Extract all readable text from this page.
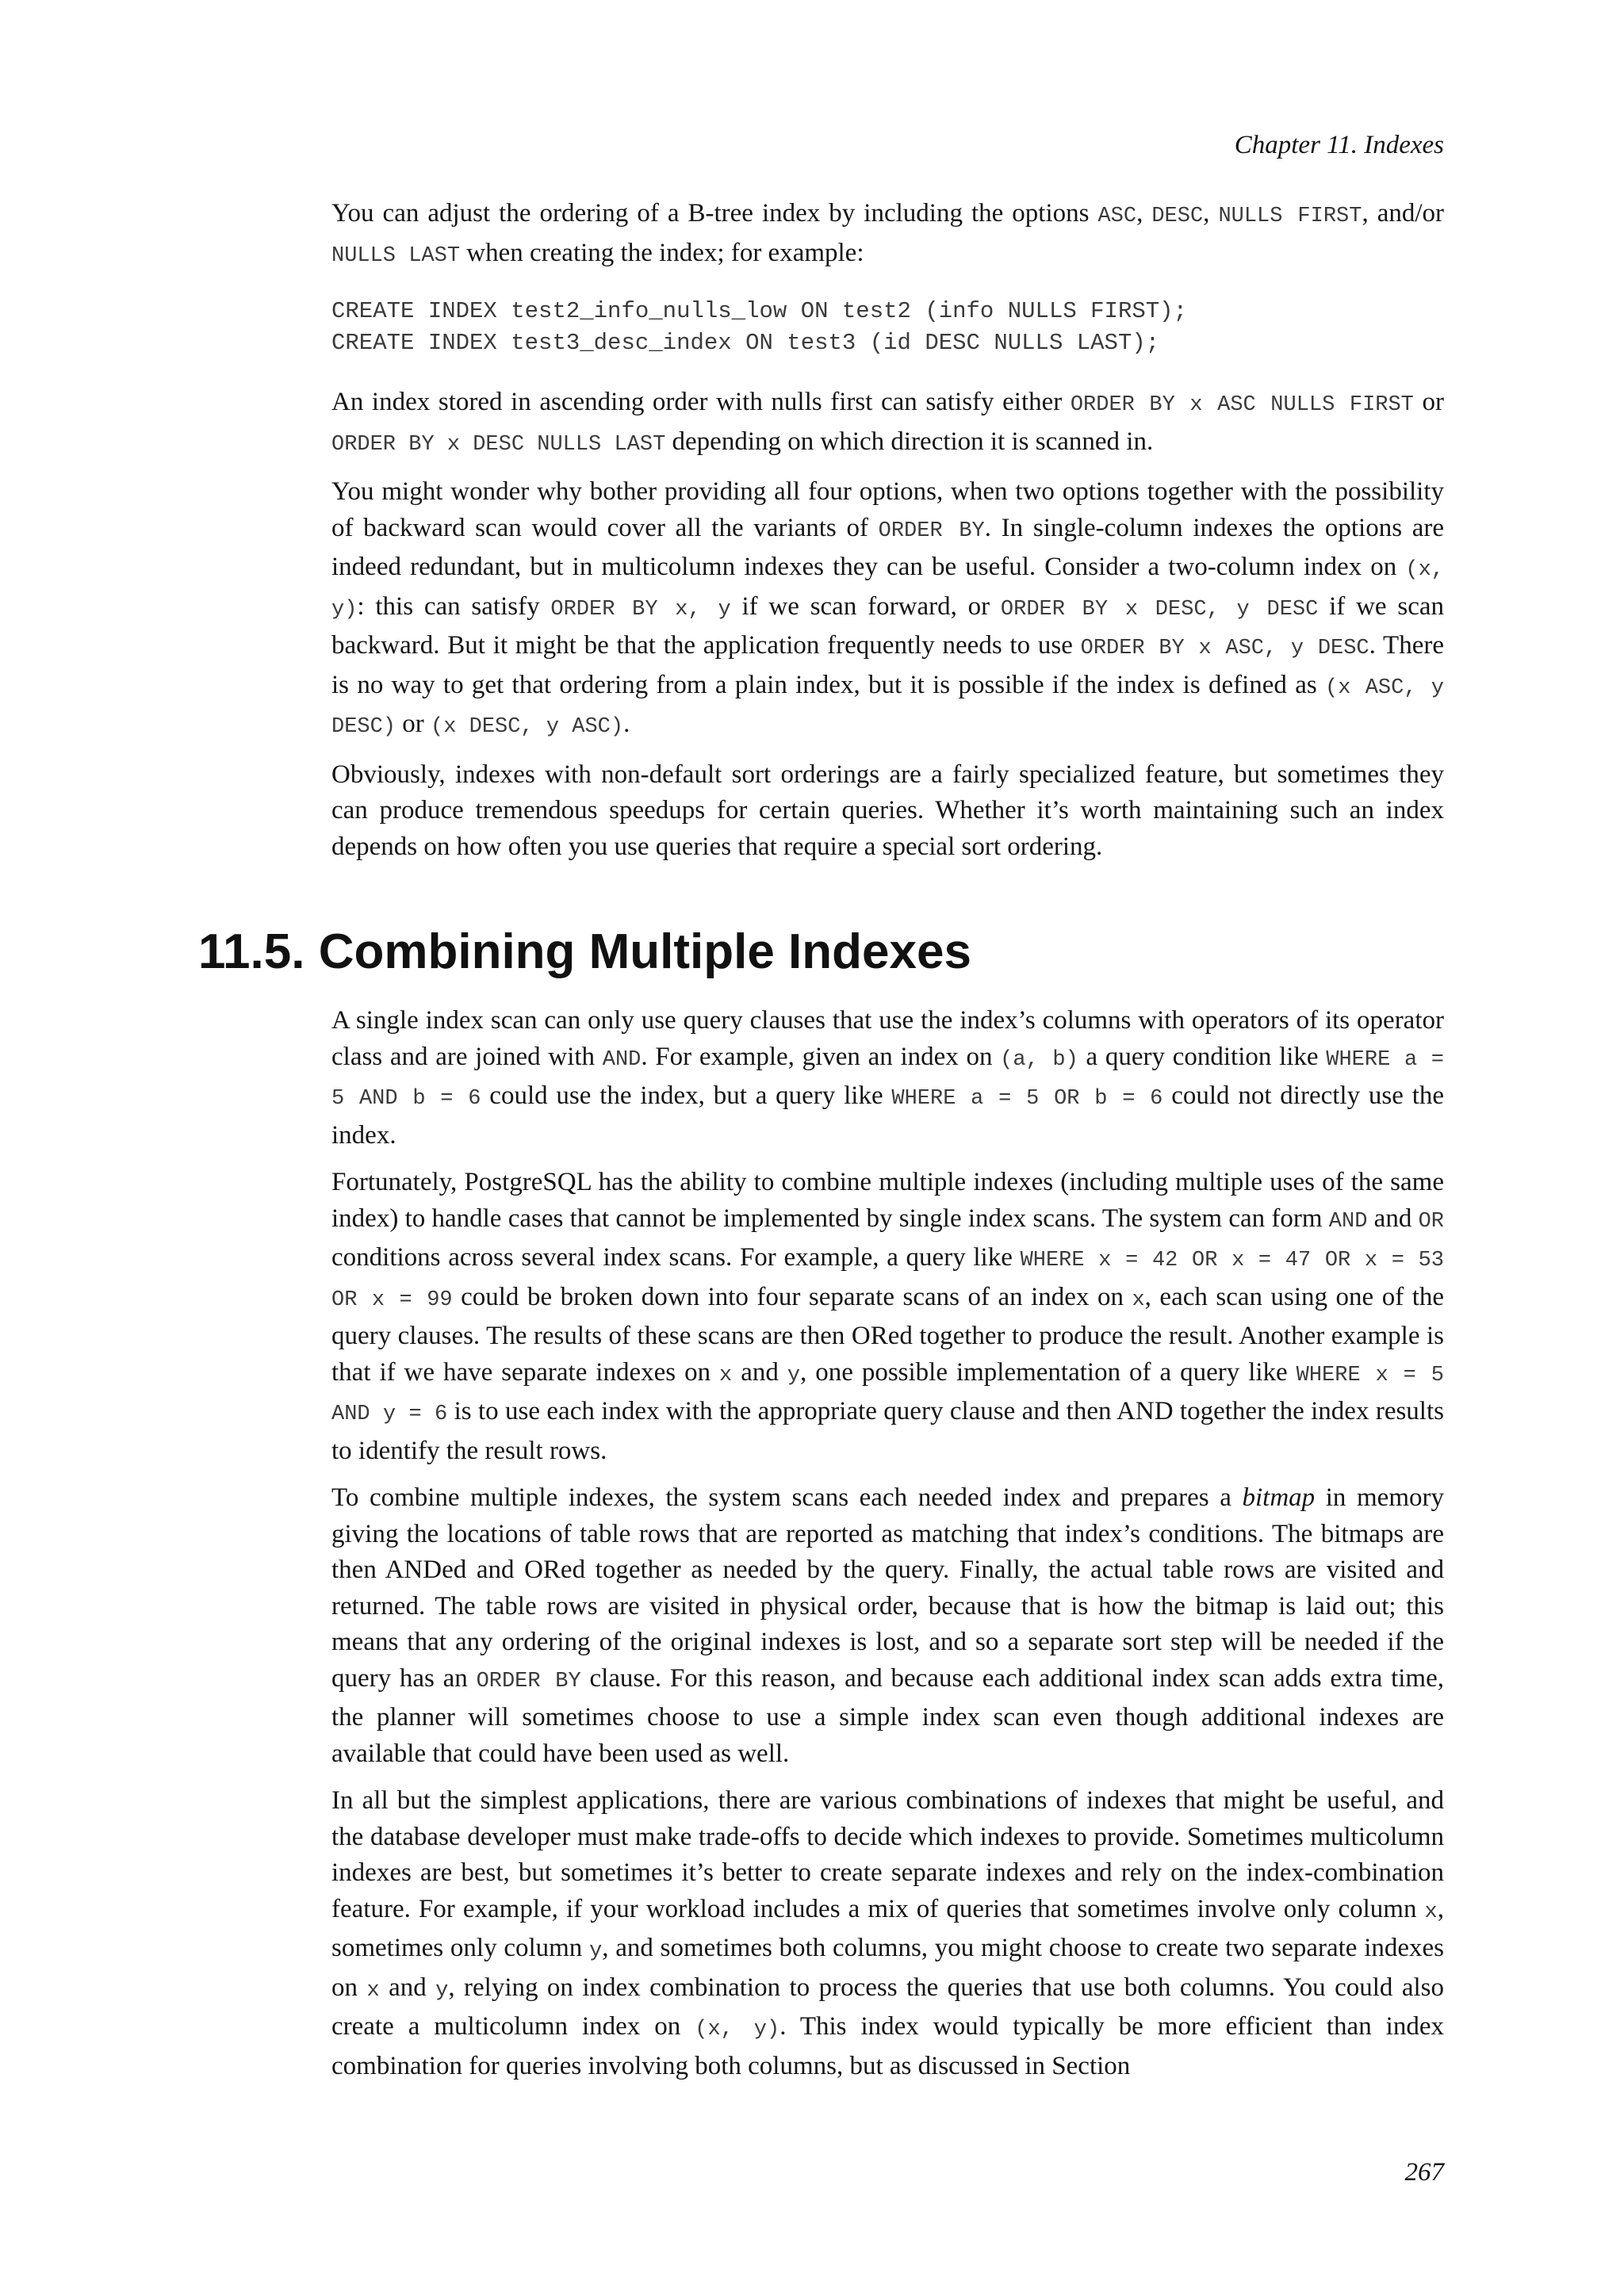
Chapter 11. Indexes

You can adjust the ordering of a B-tree index by including the options ASC, DESC, NULLS FIRST, and/or NULLS LAST when creating the index; for example:

CREATE INDEX test2_info_nulls_low ON test2 (info NULLS FIRST);
CREATE INDEX test3_desc_index ON test3 (id DESC NULLS LAST);

An index stored in ascending order with nulls first can satisfy either ORDER BY x ASC NULLS FIRST or ORDER BY x DESC NULLS LAST depending on which direction it is scanned in.

You might wonder why bother providing all four options, when two options together with the possibility of backward scan would cover all the variants of ORDER BY. In single-column indexes the options are indeed redundant, but in multicolumn indexes they can be useful. Consider a two-column index on (x, y): this can satisfy ORDER BY x, y if we scan forward, or ORDER BY x DESC, y DESC if we scan backward. But it might be that the application frequently needs to use ORDER BY x ASC, y DESC. There is no way to get that ordering from a plain index, but it is possible if the index is defined as (x ASC, y DESC) or (x DESC, y ASC).

Obviously, indexes with non-default sort orderings are a fairly specialized feature, but sometimes they can produce tremendous speedups for certain queries. Whether it’s worth maintaining such an index depends on how often you use queries that require a special sort ordering.

11.5. Combining Multiple Indexes

A single index scan can only use query clauses that use the index’s columns with operators of its operator class and are joined with AND. For example, given an index on (a, b) a query condition like WHERE a = 5 AND b = 6 could use the index, but a query like WHERE a = 5 OR b = 6 could not directly use the index.

Fortunately, PostgreSQL has the ability to combine multiple indexes (including multiple uses of the same index) to handle cases that cannot be implemented by single index scans. The system can form AND and OR conditions across several index scans. For example, a query like WHERE x = 42 OR x = 47 OR x = 53 OR x = 99 could be broken down into four separate scans of an index on x, each scan using one of the query clauses. The results of these scans are then ORed together to produce the result. Another example is that if we have separate indexes on x and y, one possible implementation of a query like WHERE x = 5 AND y = 6 is to use each index with the appropriate query clause and then AND together the index results to identify the result rows.

To combine multiple indexes, the system scans each needed index and prepares a bitmap in memory giving the locations of table rows that are reported as matching that index’s conditions. The bitmaps are then ANDed and ORed together as needed by the query. Finally, the actual table rows are visited and returned. The table rows are visited in physical order, because that is how the bitmap is laid out; this means that any ordering of the original indexes is lost, and so a separate sort step will be needed if the query has an ORDER BY clause. For this reason, and because each additional index scan adds extra time, the planner will sometimes choose to use a simple index scan even though additional indexes are available that could have been used as well.

In all but the simplest applications, there are various combinations of indexes that might be useful, and the database developer must make trade-offs to decide which indexes to provide. Sometimes multicolumn indexes are best, but sometimes it’s better to create separate indexes and rely on the index-combination feature. For example, if your workload includes a mix of queries that sometimes involve only column x, sometimes only column y, and sometimes both columns, you might choose to create two separate indexes on x and y, relying on index combination to process the queries that use both columns. You could also create a multicolumn index on (x, y). This index would typically be more efficient than index combination for queries involving both columns, but as discussed in Section

267
